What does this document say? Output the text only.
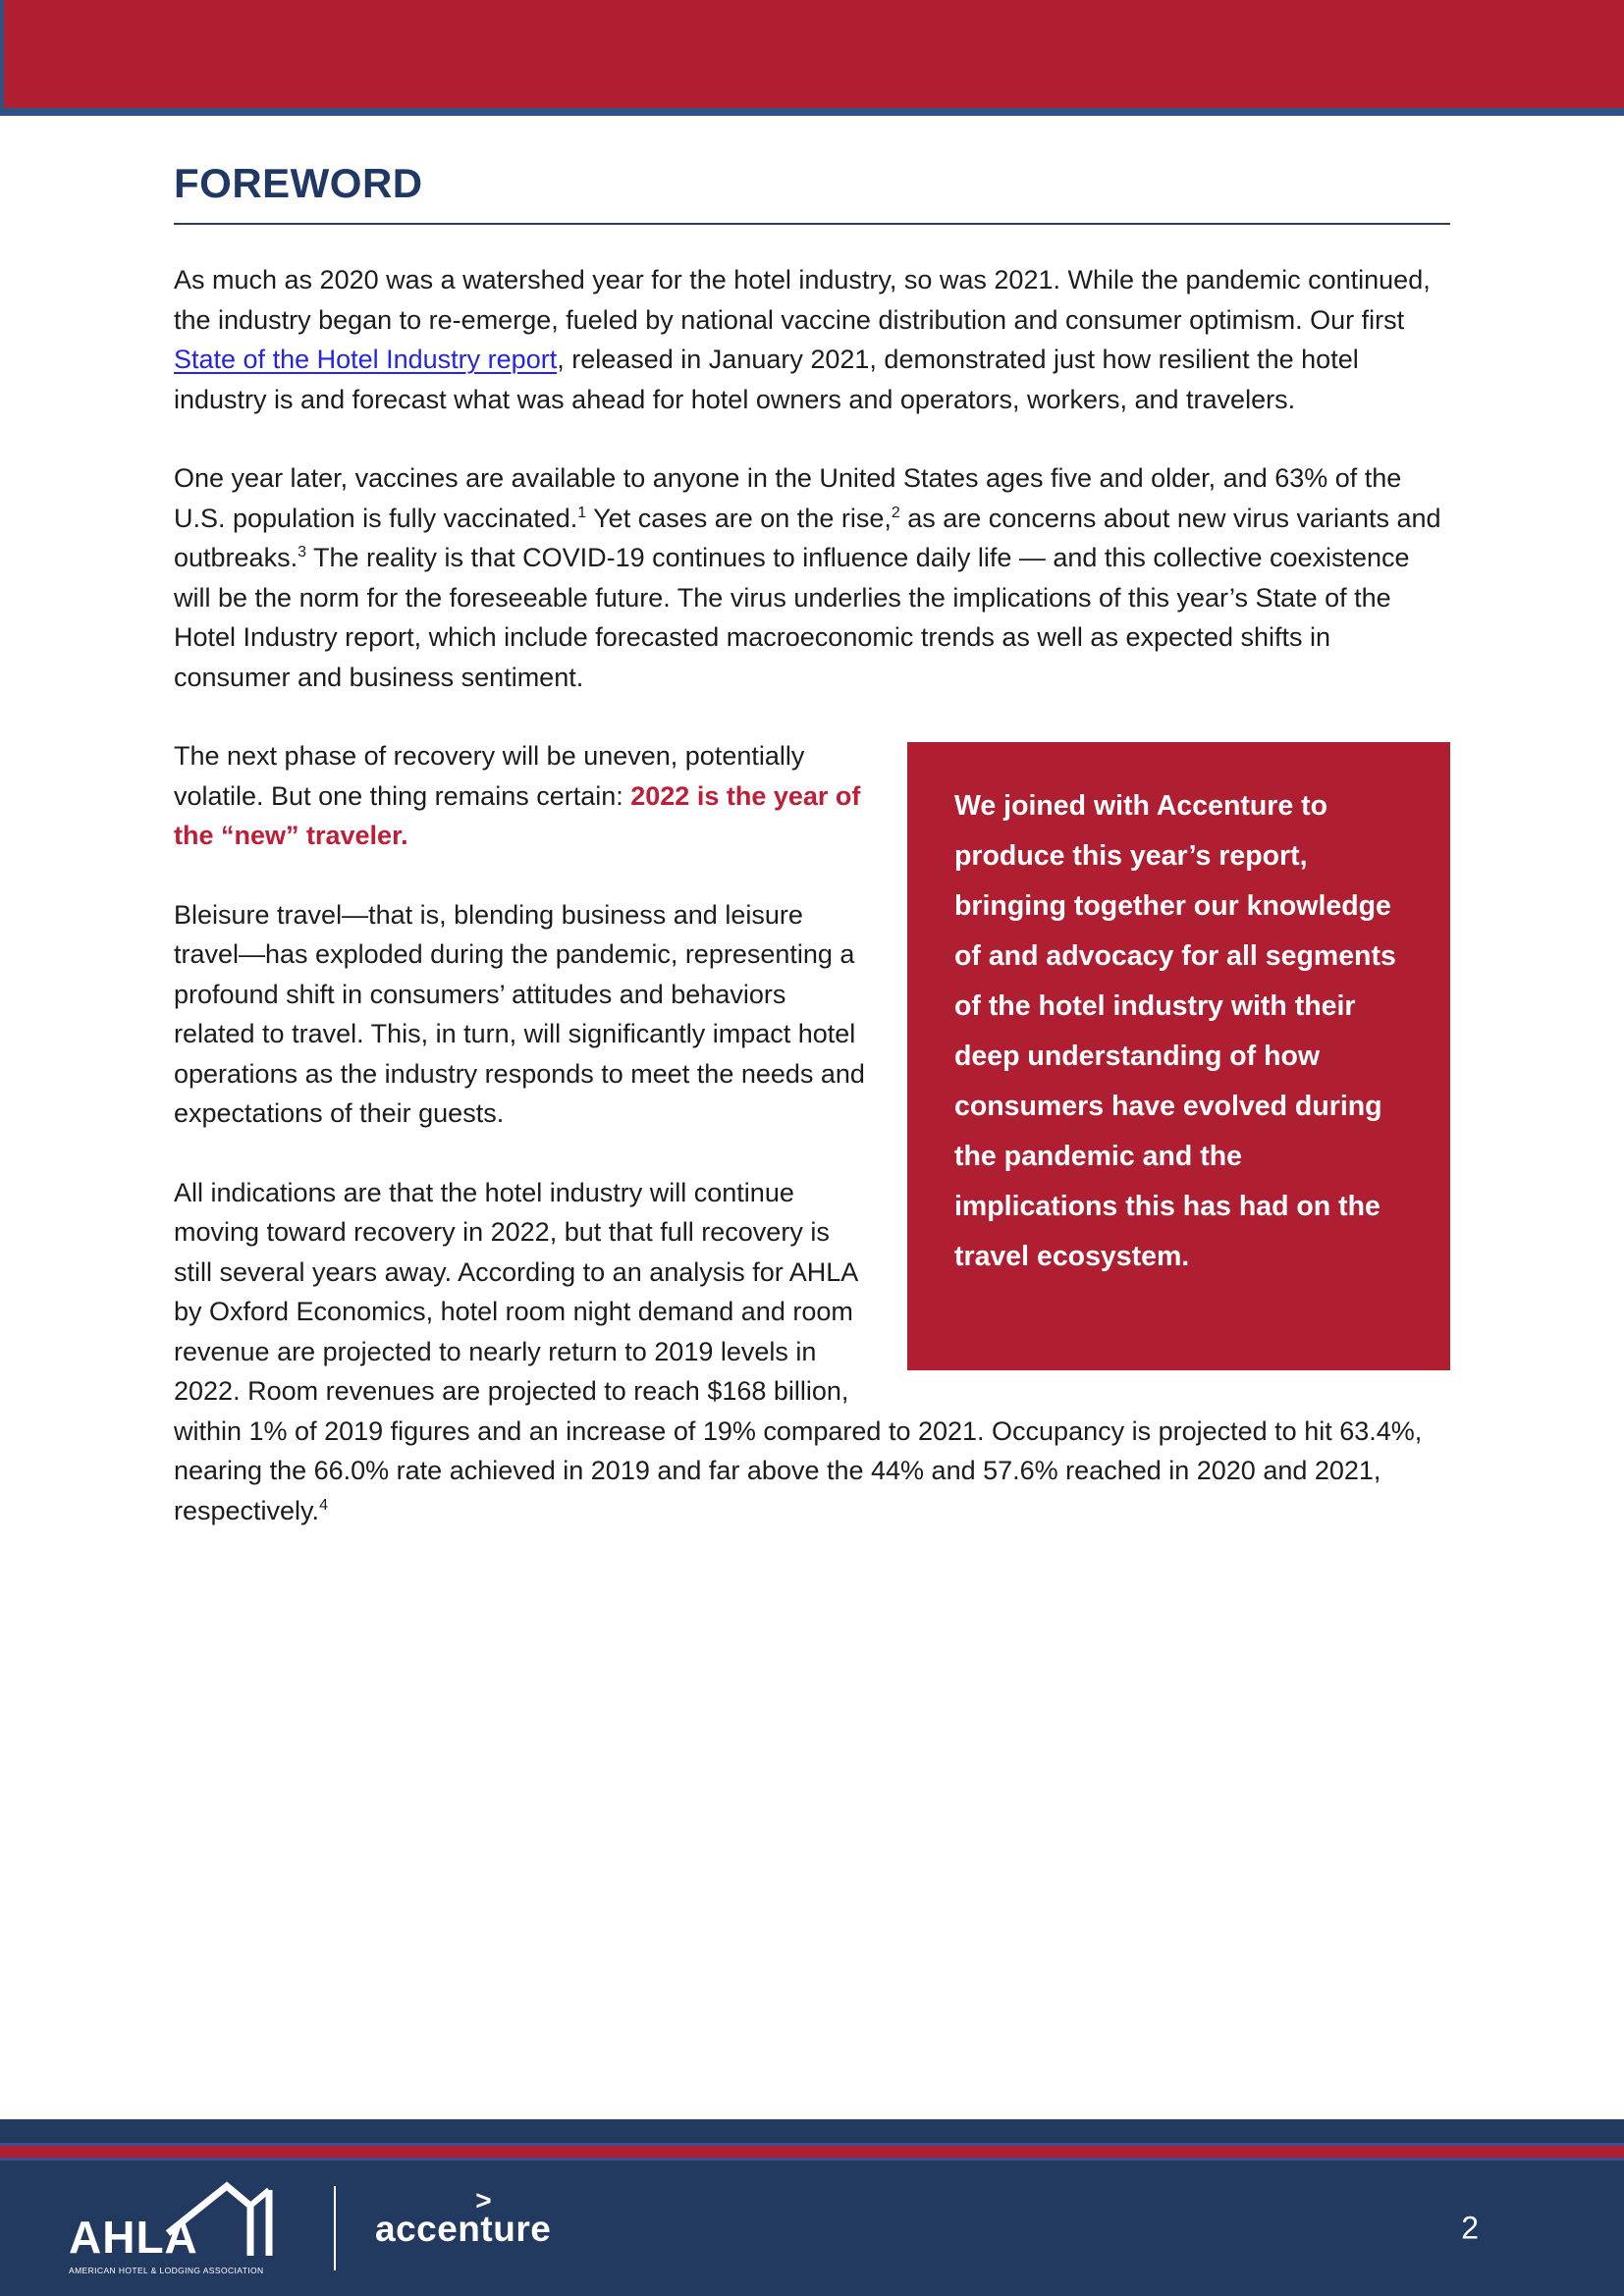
FOREWORD

As much as 2020 was a watershed year for the hotel industry, so was 2021. While the pandemic continued, the industry began to re-emerge, fueled by national vaccine distribution and consumer optimism. Our first State of the Hotel Industry report, released in January 2021, demonstrated just how resilient the hotel industry is and forecast what was ahead for hotel owners and operators, workers, and travelers.

One year later, vaccines are available to anyone in the United States ages five and older, and 63% of the U.S. population is fully vaccinated.$^1$ Yet cases are on the rise,$^2$ as are concerns about new virus variants and outbreaks.$^3$ The reality is that COVID-19 continues to influence daily life — and this collective coexistence will be the norm for the foreseeable future. The virus underlies the implications of this year’s State of the Hotel Industry report, which include forecasted macroeconomic trends as well as expected shifts in consumer and business sentiment.

We joined with Accenture to produce this year’s report, bringing together our knowledge of and advocacy for all segments of the hotel industry with their deep understanding of how consumers have evolved during the pandemic and the implications this has had on the travel ecosystem.

The next phase of recovery will be uneven, potentially volatile. But one thing remains certain: 2022 is the year of the “new” traveler.

Bleisure travel—that is, blending business and leisure travel—has exploded during the pandemic, representing a profound shift in consumers’ attitudes and behaviors related to travel. This, in turn, will significantly impact hotel operations as the industry responds to meet the needs and expectations of their guests.

All indications are that the hotel industry will continue moving toward recovery in 2022, but that full recovery is still several years away. According to an analysis for AHLA by Oxford Economics, hotel room night demand and room revenue are projected to nearly return to 2019 levels in 2022. Room revenues are projected to reach $168 billion, within 1% of 2019 figures and an increase of 19% compared to 2021. Occupancy is projected to hit 63.4%, nearing the 66.0% rate achieved in 2019 and far above the 44% and 57.6% reached in 2020 and 2021, respectively.$^4$

AHLA
AMERICAN HOTEL & LODGING ASSOCIATION
>
accenture	2
